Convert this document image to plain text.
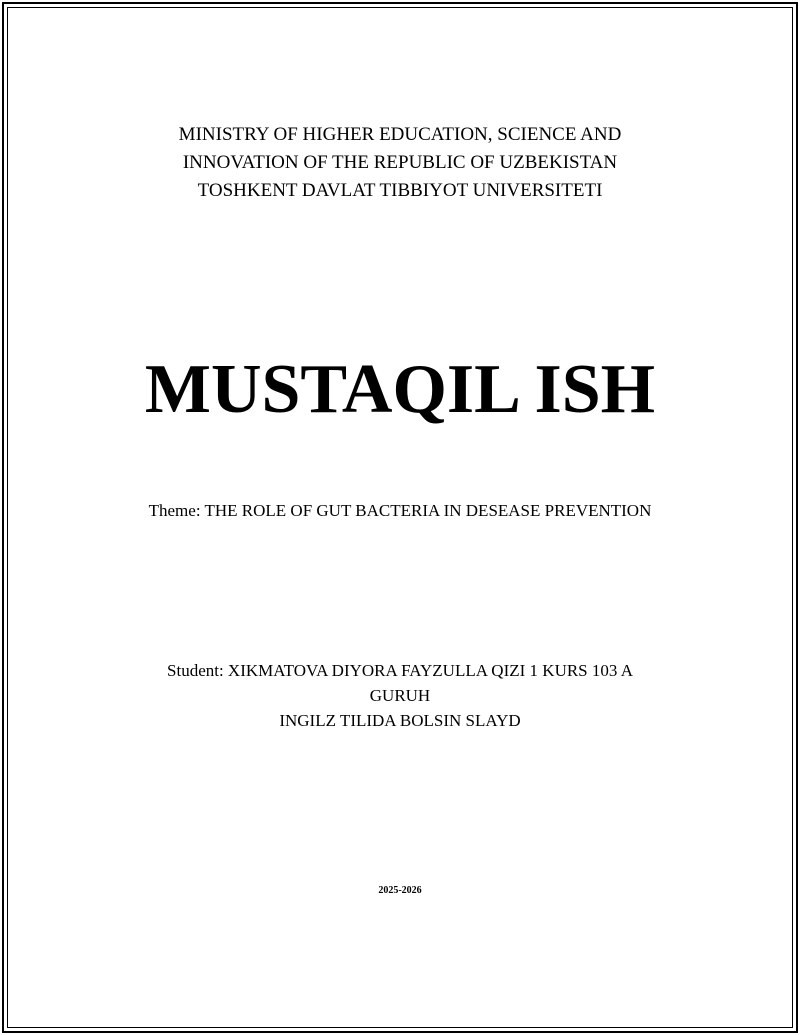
MINISTRY OF HIGHER EDUCATION, SCIENCE AND
INNOVATION OF THE REPUBLIC OF UZBEKISTAN
TOSHKENT DAVLAT TIBBIYOT UNIVERSITETI
MUSTAQIL ISH
Theme: THE ROLE OF GUT BACTERIA IN DESEASE PREVENTION
Student: XIKMATOVA DIYORA FAYZULLA QIZI 1 KURS 103 A
GURUH
INGILZ TILIDA BOLSIN SLAYD
2025-2026
